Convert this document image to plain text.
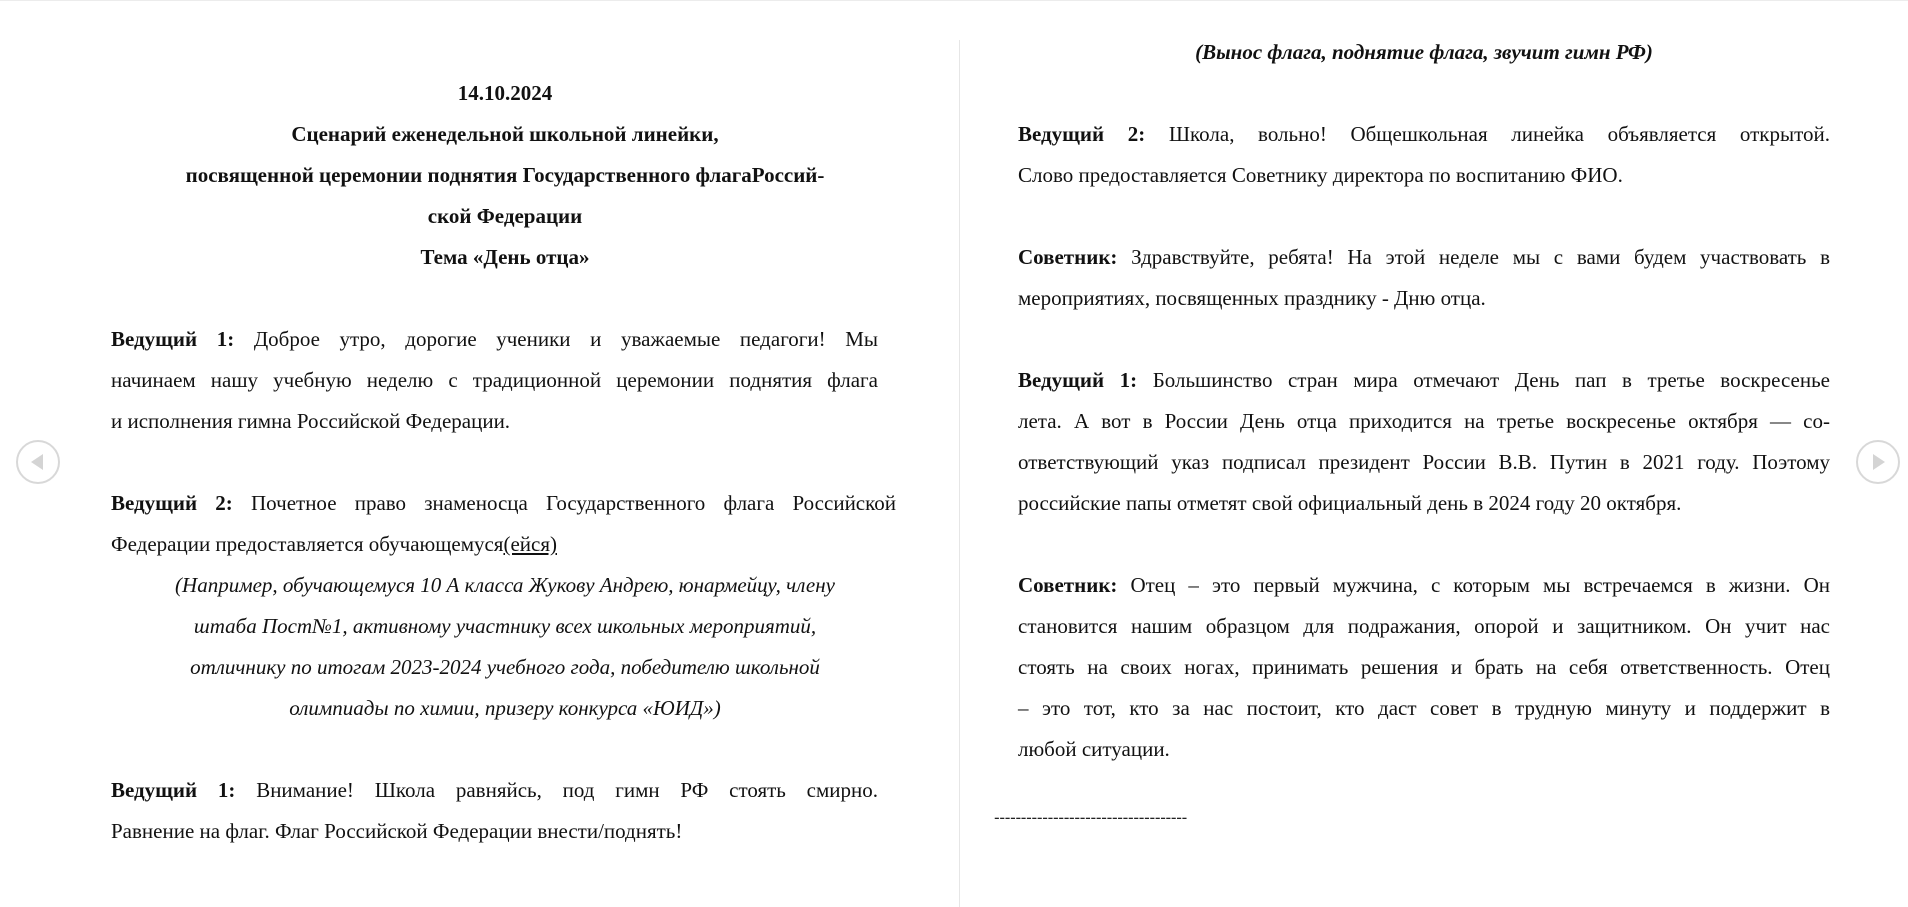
14.10.2024
Сценарий еженедельной школьной линейки,
посвященной церемонии поднятия Государственного флагаРоссий-
ской Федерации
Тема «День отца»
Ведущий 1: Доброе утро, дорогие ученики и уважаемые педагоги! Мы
начинаем нашу учебную неделю с традиционной церемонии поднятия флага
и исполнения гимна Российской Федерации.
Ведущий 2: Почетное право знаменосца Государственного флага Российской
Федерации предоставляется обучающемуся(ейся)
(Например, обучающемуся 10 А класса Жукову Андрею, юнармейцу, члену
штаба Пост№1, активному участнику всех школьных мероприятий,
отличнику по итогам 2023-2024 учебного года, победителю школьной
олимпиады по химии, призеру конкурса «ЮИД»)
Ведущий 1: Внимание! Школа равняйсь, под гимн РФ стоять смирно.
Равнение на флаг. Флаг Российской Федерации внести/поднять!
(Вынос флага, поднятие флага, звучит гимн РФ)
Ведущий 2: Школа, вольно! Общешкольная линейка объявляется открытой.
Слово предоставляется Советнику директора по воспитанию ФИО.
Советник: Здравствуйте, ребята! На этой неделе мы с вами будем участвовать в
мероприятиях, посвященных празднику - Дню отца.
Ведущий 1: Большинство стран мира отмечают День пап в третье воскресенье
лета. А вот в России День отца приходится на третье воскресенье октября — со-
ответствующий указ подписал президент России В.В. Путин в 2021 году. Поэтому
российские папы отметят свой официальный день в 2024 году 20 октября.
Советник: Отец – это первый мужчина, с которым мы встречаемся в жизни. Он
становится нашим образцом для подражания, опорой и защитником. Он учит нас
стоять на своих ногах, принимать решения и брать на себя ответственность. Отец
– это тот, кто за нас постоит, кто даст совет в трудную минуту и поддержит в
любой ситуации.
------------------------------------
